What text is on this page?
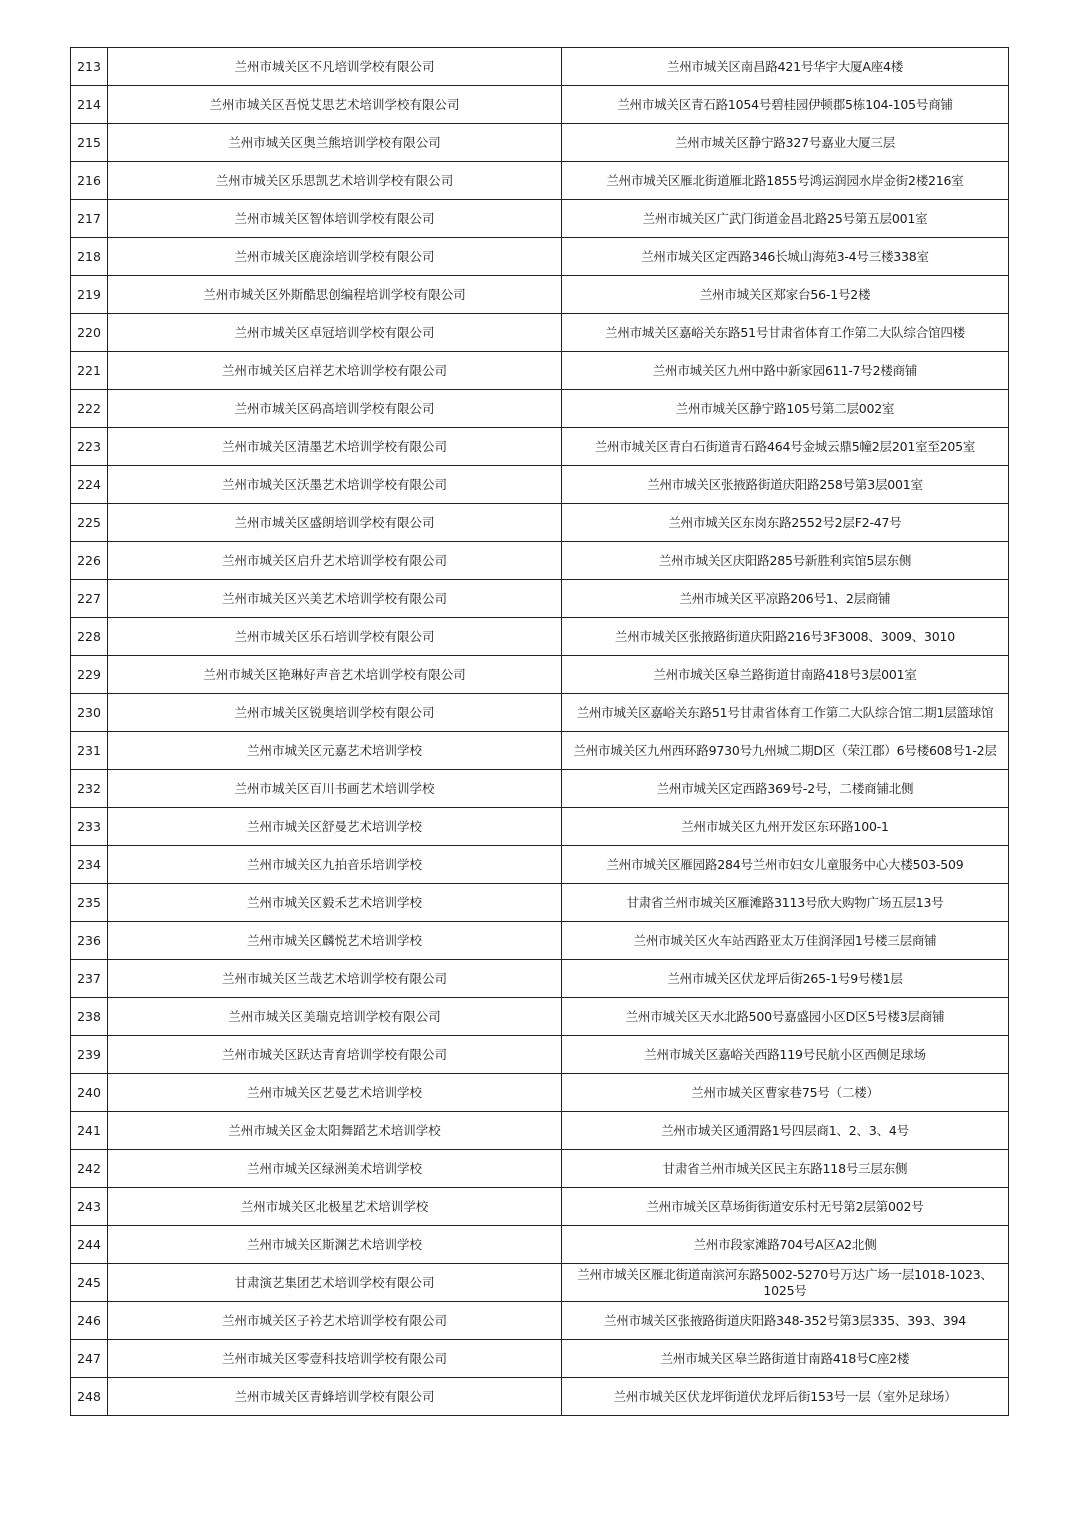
213	兰州市城关区不凡培训学校有限公司	兰州市城关区南昌路421号华宇大厦A座4楼
214	兰州市城关区吾悦艾思艺术培训学校有限公司	兰州市城关区青石路1054号碧桂园伊顿郡5栋104-105号商铺
215	兰州市城关区奥兰熊培训学校有限公司	兰州市城关区静宁路327号嘉业大厦三层
216	兰州市城关区乐思凯艺术培训学校有限公司	兰州市城关区雁北街道雁北路1855号鸿运润园水岸金街2楼216室
217	兰州市城关区智体培训学校有限公司	兰州市城关区广武门街道金昌北路25号第五层001室
218	兰州市城关区鹿涂培训学校有限公司	兰州市城关区定西路346长城山海苑3-4号三楼338室
219	兰州市城关区外斯酷思创编程培训学校有限公司	兰州市城关区郑家台56-1号2楼
220	兰州市城关区卓冠培训学校有限公司	兰州市城关区嘉峪关东路51号甘肃省体育工作第二大队综合馆四楼
221	兰州市城关区启祥艺术培训学校有限公司	兰州市城关区九州中路中新家园611-7号2楼商铺
222	兰州市城关区码高培训学校有限公司	兰州市城关区静宁路105号第二层002室
223	兰州市城关区清墨艺术培训学校有限公司	兰州市城关区青白石街道青石路464号金城云鼎5幢2层201室至205室
224	兰州市城关区沃墨艺术培训学校有限公司	兰州市城关区张掖路街道庆阳路258号第3层001室
225	兰州市城关区盛朗培训学校有限公司	兰州市城关区东岗东路2552号2层F2-47号
226	兰州市城关区启升艺术培训学校有限公司	兰州市城关区庆阳路285号新胜利宾馆5层东侧
227	兰州市城关区兴美艺术培训学校有限公司	兰州市城关区平凉路206号1、2层商铺
228	兰州市城关区乐石培训学校有限公司	兰州市城关区张掖路街道庆阳路216号3F3008、3009、3010
229	兰州市城关区艳琳好声音艺术培训学校有限公司	兰州市城关区皋兰路街道甘南路418号3层001室
230	兰州市城关区锐奥培训学校有限公司	兰州市城关区嘉峪关东路51号甘肃省体育工作第二大队综合馆二期1层篮球馆
231	兰州市城关区元嘉艺术培训学校	兰州市城关区九州西环路9730号九州城二期D区（荣江郡）6号楼608号1-2层
232	兰州市城关区百川书画艺术培训学校	兰州市城关区定西路369号-2号，二楼商铺北侧
233	兰州市城关区舒曼艺术培训学校	兰州市城关区九州开发区东环路100-1
234	兰州市城关区九拍音乐培训学校	兰州市城关区雁园路284号兰州市妇女儿童服务中心大楼503-509
235	兰州市城关区毅禾艺术培训学校	甘肃省兰州市城关区雁滩路3113号欣大购物广场五层13号
236	兰州市城关区麟悦艺术培训学校	兰州市城关区火车站西路亚太万佳润泽园1号楼三层商铺
237	兰州市城关区兰哉艺术培训学校有限公司	兰州市城关区伏龙坪后街265-1号9号楼1层
238	兰州市城关区美瑞克培训学校有限公司	兰州市城关区天水北路500号嘉盛园小区D区5号楼3层商铺
239	兰州市城关区跃达青育培训学校有限公司	兰州市城关区嘉峪关西路119号民航小区西侧足球场
240	兰州市城关区艺曼艺术培训学校	兰州市城关区曹家巷75号（二楼）
241	兰州市城关区金太阳舞蹈艺术培训学校	兰州市城关区通渭路1号四层商1、2、3、4号
242	兰州市城关区绿洲美术培训学校	甘肃省兰州市城关区民主东路118号三层东侧
243	兰州市城关区北极星艺术培训学校	兰州市城关区草场街街道安乐村无号第2层第002号
244	兰州市城关区斯渊艺术培训学校	兰州市段家滩路704号A区A2北侧
245	甘肃演艺集团艺术培训学校有限公司	兰州市城关区雁北街道南滨河东路5002-5270号万达广场一层1018-1023、1025号
246	兰州市城关区子衿艺术培训学校有限公司	兰州市城关区张掖路街道庆阳路348-352号第3层335、393、394
247	兰州市城关区零壹科技培训学校有限公司	兰州市城关区皋兰路街道甘南路418号C座2楼
248	兰州市城关区青蜂培训学校有限公司	兰州市城关区伏龙坪街道伏龙坪后街153号一层（室外足球场）
